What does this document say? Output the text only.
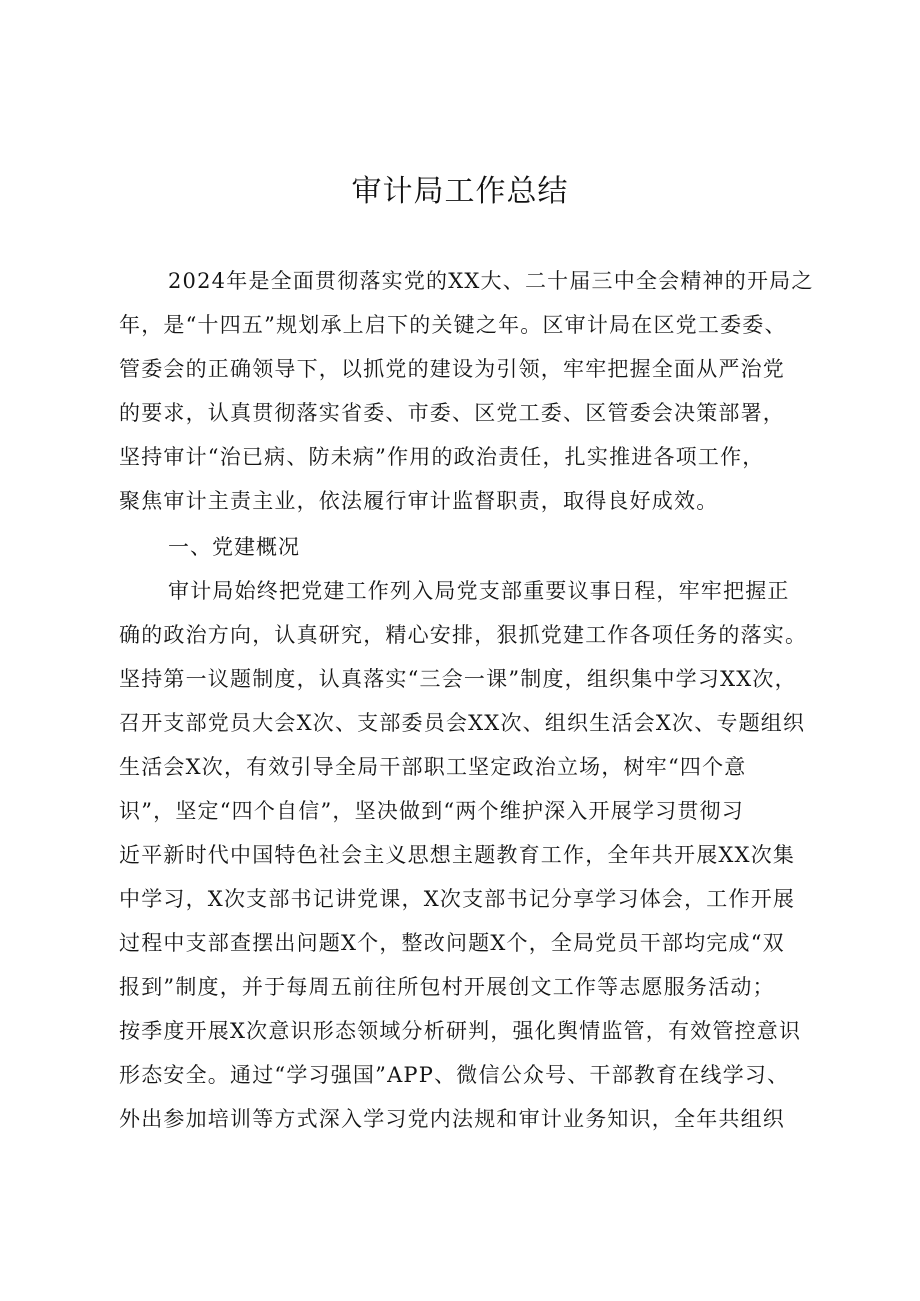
审计局工作总结
2024年是全面贯彻落实党的XX大、二十届三中全会精神的开局之
年，是“十四五”规划承上启下的关键之年。区审计局在区党工委委、
管委会的正确领导下，以抓党的建设为引领，牢牢把握全面从严治党
的要求，认真贯彻落实省委、市委、区党工委、区管委会决策部署，
坚持审计“治已病、防未病”作用的政治责任，扎实推进各项工作，
聚焦审计主责主业，依法履行审计监督职责，取得良好成效。
一、党建概况
审计局始终把党建工作列入局党支部重要议事日程，牢牢把握正
确的政治方向，认真研究，精心安排，狠抓党建工作各项任务的落实。
坚持第一议题制度，认真落实“三会一课”制度，组织集中学习XX次，
召开支部党员大会X次、支部委员会XX次、组织生活会X次、专题组织
生活会X次，有效引导全局干部职工坚定政治立场，树牢“四个意
识”，坚定“四个自信”，坚决做到“两个维护深入开展学习贯彻习
近平新时代中国特色社会主义思想主题教育工作，全年共开展XX次集
中学习，X次支部书记讲党课，X次支部书记分享学习体会，工作开展
过程中支部查摆出问题X个，整改问题X个，全局党员干部均完成“双
报到”制度，并于每周五前往所包村开展创文工作等志愿服务活动；
按季度开展X次意识形态领域分析研判，强化舆情监管，有效管控意识
形态安全。通过“学习强国”APP、微信公众号、干部教育在线学习、
外出参加培训等方式深入学习党内法规和审计业务知识，全年共组织
